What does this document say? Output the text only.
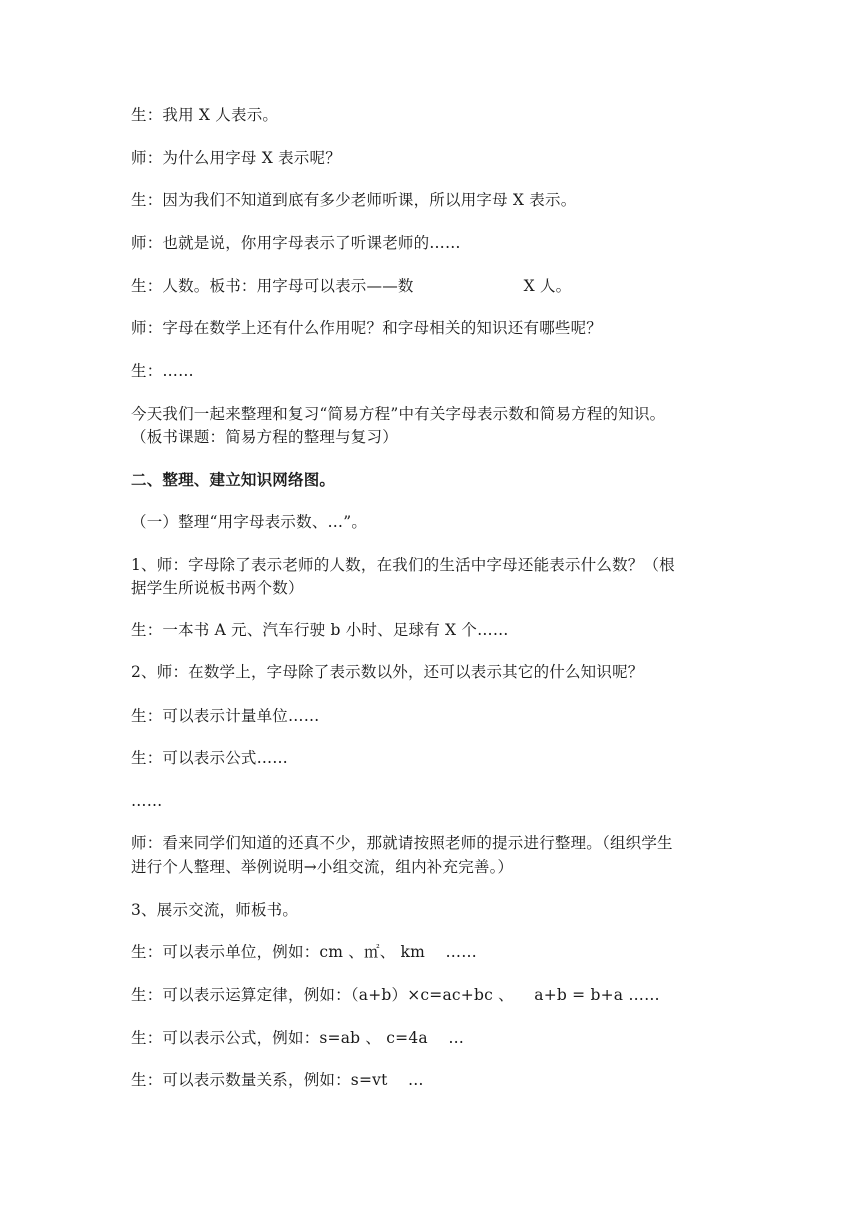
生：我用 X 人表示。
师：为什么用字母 X 表示呢？
生：因为我们不知道到底有多少老师听课，所以用字母 X 表示。
师：也就是说，你用字母表示了听课老师的……
生：人数。板书：用字母可以表示——数	X 人。
师：字母在数学上还有什么作用呢？和字母相关的知识还有哪些呢？
生：……
今天我们一起来整理和复习“简易方程”中有关字母表示数和简易方程的知识。
（板书课题：简易方程的整理与复习）
二、整理、建立知识网络图。
（一）整理“用字母表示数、…”。
1、师：字母除了表示老师的人数，在我们的生活中字母还能表示什么数？（根
据学生所说板书两个数）
生：一本书 A 元、汽车行驶 b 小时、足球有 X 个……
2、师：在数学上，字母除了表示数以外，还可以表示其它的什么知识呢？
生：可以表示计量单位……
生：可以表示公式……
……
师：看来同学们知道的还真不少，那就请按照老师的提示进行整理。（组织学生
进行个人整理、举例说明→小组交流，组内补充完善。）
3、展示交流，师板书。
生：可以表示单位，例如：cm 、㎡、 km    ……
生：可以表示运算定律，例如：（a+b）×c=ac+bc 、    a+b = b+a ……
生：可以表示公式，例如：s=ab 、 c=4a    …
生：可以表示数量关系，例如：s=vt    …
